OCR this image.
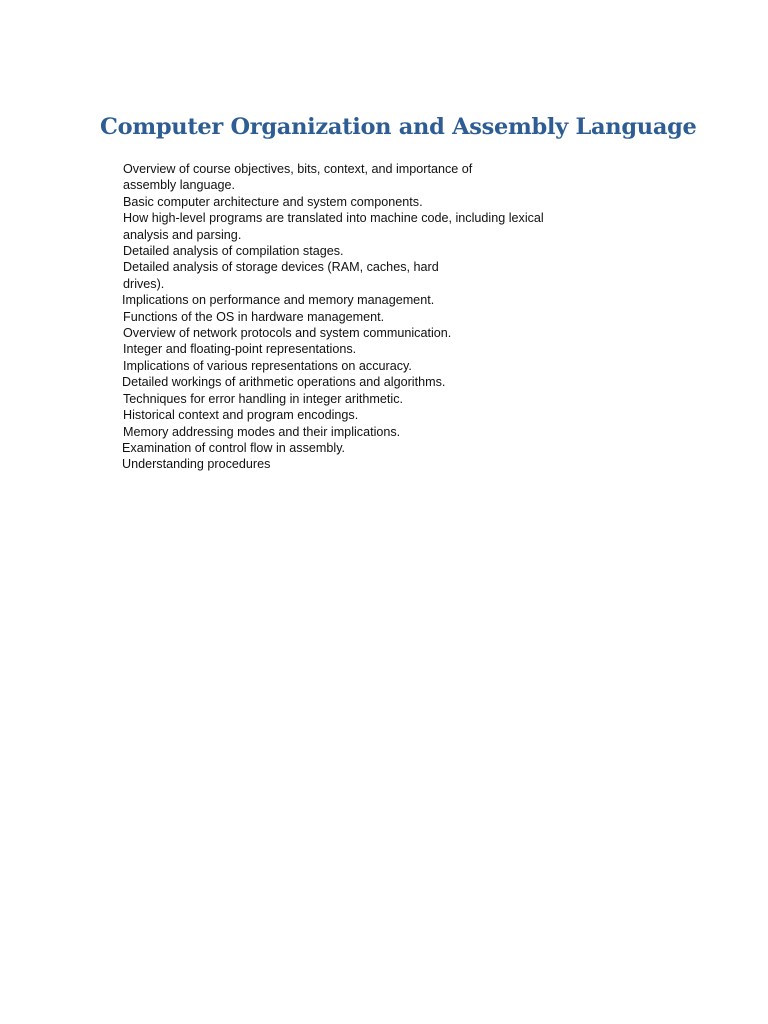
Computer Organization and Assembly Language
Overview of course objectives, bits, context, and importance of assembly language.
Basic computer architecture and system components.
How high-level programs are translated into machine code, including lexical analysis and parsing.
Detailed analysis of compilation stages.
Detailed analysis of storage devices (RAM, caches, hard drives).
Implications on performance and memory management.
Functions of the OS in hardware management.
Overview of network protocols and system communication.
Integer and floating-point representations.
Implications of various representations on accuracy.
Detailed workings of arithmetic operations and algorithms.
Techniques for error handling in integer arithmetic.
Historical context and program encodings.
Memory addressing modes and their implications.
Examination of control flow in assembly.
Understanding procedures
